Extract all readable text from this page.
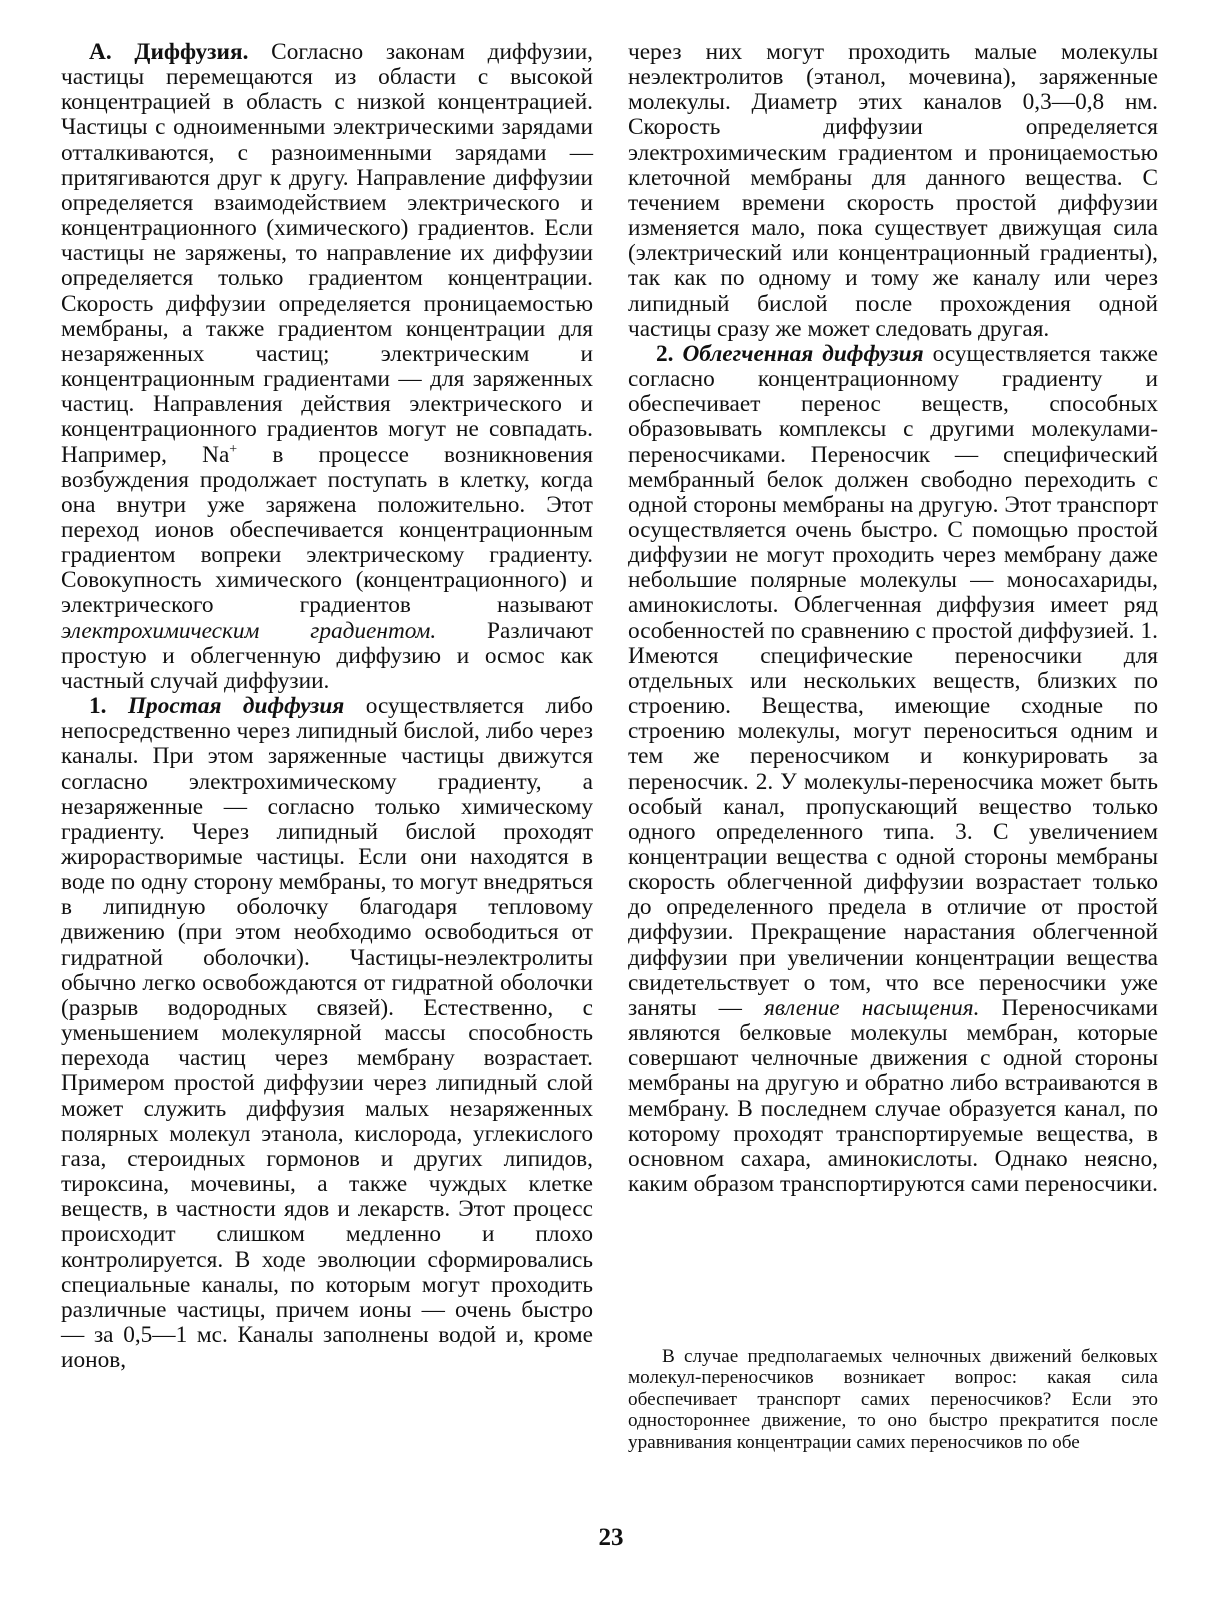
А. Диффузия. Согласно законам диффузии, частицы перемещаются из области с высокой концентрацией в область с низкой концентрацией. Частицы с одноименными электрическими зарядами отталкиваются, с разноименными зарядами — притягиваются друг к другу. Направление диффузии определяется взаимодействием электрического и концентрационного (химического) градиентов. Если частицы не заряжены, то направление их диффузии определяется только градиентом концентрации. Скорость диффузии определяется проницаемостью мембраны, а также градиентом концентрации для незаряженных частиц; электрическим и концентрационным градиентами — для заряженных частиц. Направления действия электрического и концентрационного градиентов могут не совпадать. Например, Na+ в процессе возникновения возбуждения продолжает поступать в клетку, когда она внутри уже заряжена положительно. Этот переход ионов обеспечивается концентрационным градиентом вопреки электрическому градиенту. Совокупность химического (концентрационного) и электрического градиентов называют электрохимическим градиентом. Различают простую и облегченную диффузию и осмос как частный случай диффузии.

1. Простая диффузия осуществляется либо непосредственно через липидный бислой, либо через каналы. При этом заряженные частицы движутся согласно электрохимическому градиенту, а незаряженные — согласно только химическому градиенту. Через липидный бислой проходят жирорастворимые частицы. Если они находятся в воде по одну сторону мембраны, то могут внедряться в липидную оболочку благодаря тепловому движению (при этом необходимо освободиться от гидратной оболочки). Частицы-неэлектролиты обычно легко освобождаются от гидратной оболочки (разрыв водородных связей). Естественно, с уменьшением молекулярной массы способность перехода частиц через мембрану возрастает. Примером простой диффузии через липидный слой может служить диффузия малых незаряженных полярных молекул этанола, кислорода, углекислого газа, стероидных гормонов и других липидов, тироксина, мочевины, а также чуждых клетке веществ, в частности ядов и лекарств. Этот процесс происходит слишком медленно и плохо контролируется. В ходе эволюции сформировались специальные каналы, по которым могут проходить различные частицы, причем ионы — очень быстро — за 0,5—1 мс. Каналы заполнены водой и, кроме ионов,

через них могут проходить малые молекулы неэлектролитов (этанол, мочевина), заряженные молекулы. Диаметр этих каналов 0,3—0,8 нм. Скорость диффузии определяется электрохимическим градиентом и проницаемостью клеточной мембраны для данного вещества. С течением времени скорость простой диффузии изменяется мало, пока существует движущая сила (электрический или концентрационный градиенты), так как по одному и тому же каналу или через липидный бислой после прохождения одной частицы сразу же может следовать другая.

2. Облегченная диффузия осуществляется также согласно концентрационному градиенту и обеспечивает перенос веществ, способных образовывать комплексы с другими молекулами-переносчиками. Переносчик — специфический мембранный белок должен свободно переходить с одной стороны мембраны на другую. Этот транспорт осуществляется очень быстро. С помощью простой диффузии не могут проходить через мембрану даже небольшие полярные молекулы — моносахариды, аминокислоты. Облегченная диффузия имеет ряд особенностей по сравнению с простой диффузией. 1. Имеются специфические переносчики для отдельных или нескольких веществ, близких по строению. Вещества, имеющие сходные по строению молекулы, могут переноситься одним и тем же переносчиком и конкурировать за переносчик. 2. У молекулы-переносчика может быть особый канал, пропускающий вещество только одного определенного типа. 3. С увеличением концентрации вещества с одной стороны мембраны скорость облегченной диффузии возрастает только до определенного предела в отличие от простой диффузии. Прекращение нарастания облегченной диффузии при увеличении концентрации вещества свидетельствует о том, что все переносчики уже заняты — явление насыщения. Переносчиками являются белковые молекулы мембран, которые совершают челночные движения с одной стороны мембраны на другую и обратно либо встраиваются в мембрану. В последнем случае образуется канал, по которому проходят транспортируемые вещества, в основном сахара, аминокислоты. Однако неясно, каким образом транспортируются сами переносчики.

В случае предполагаемых челночных движений белковых молекул-переносчиков возникает вопрос: какая сила обеспечивает транспорт самих переносчиков? Если это одностороннее движение, то оно быстро прекратится после уравнивания концентрации самих переносчиков по обе

23
